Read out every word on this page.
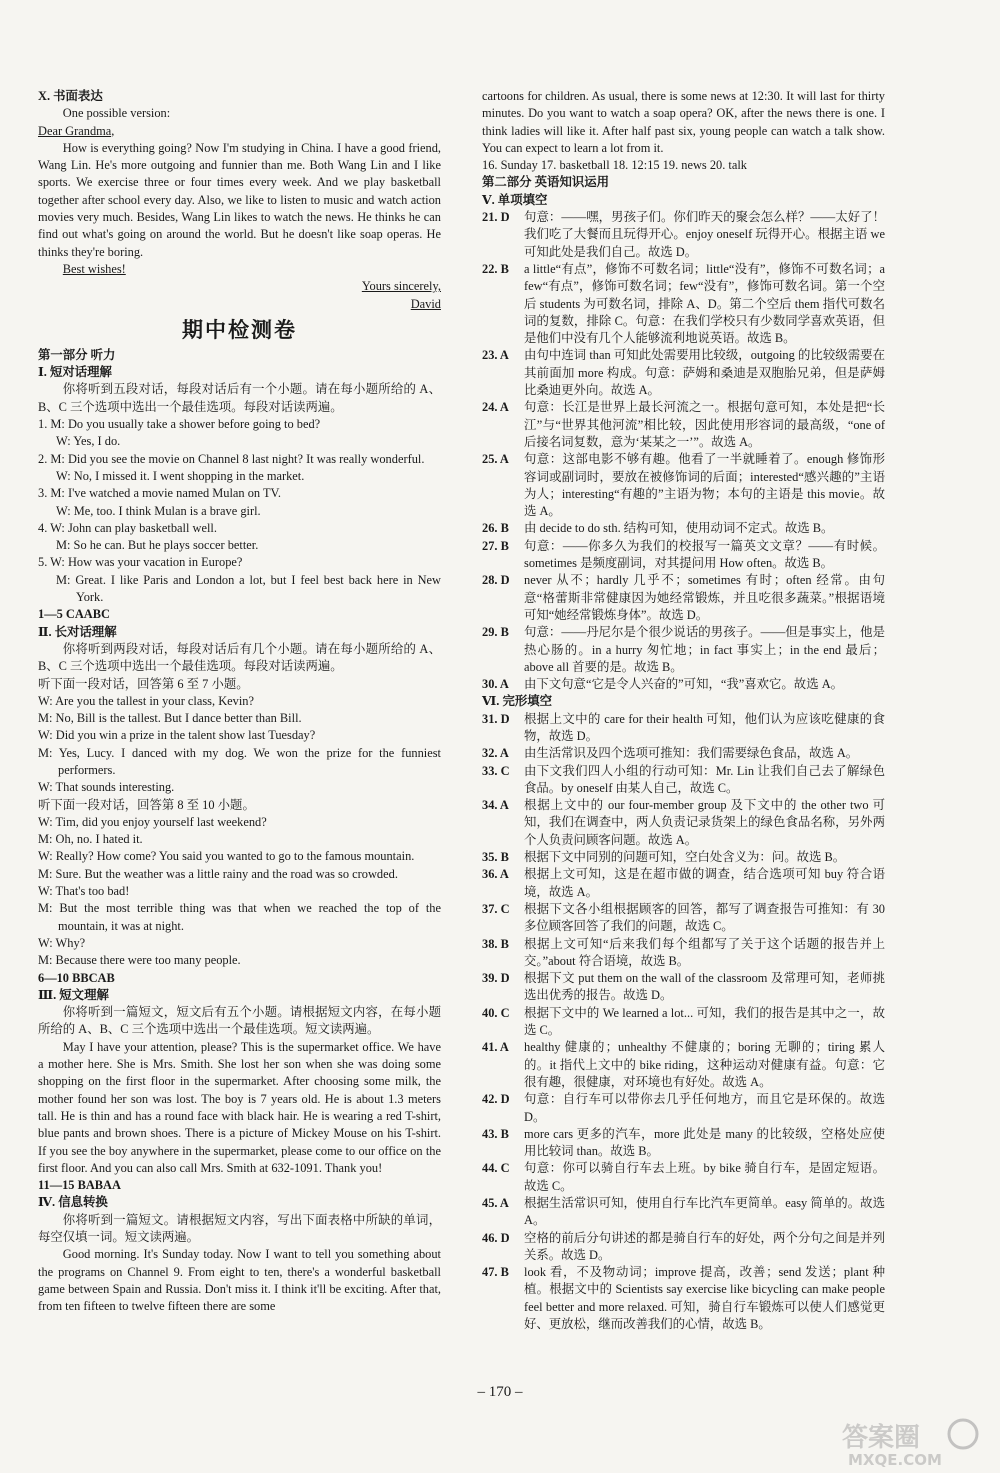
X. 书面表达

One possible version:

Dear Grandma,

How is everything going? Now I'm studying in China. I have a good friend, Wang Lin. He's more outgoing and funnier than me. Both Wang Lin and I like sports. We exercise three or four times every week. And we play basketball together after school every day. Also, we like to listen to music and watch action movies very much. Besides, Wang Lin likes to watch the news. He thinks he can find out what's going on around the world. But he doesn't like soap operas. He thinks they're boring.

Best wishes!

Yours sincerely,

David

期中检测卷

第一部分 听力

Ⅰ. 短对话理解

你将听到五段对话，每段对话后有一个小题。请在每小题所给的 A、B、C 三个选项中选出一个最佳选项。每段对话读两遍。

1. M: Do you usually take a shower before going to bed?

W: Yes, I do.

2. M: Did you see the movie on Channel 8 last night? It was really wonderful.

W: No, I missed it. I went shopping in the market.

3. M: I've watched a movie named Mulan on TV.

W: Me, too. I think Mulan is a brave girl.

4. W: John can play basketball well.

M: So he can. But he plays soccer better.

5. W: How was your vacation in Europe?

M: Great. I like Paris and London a lot, but I feel best back here in New York.

1—5 CAABC

Ⅱ. 长对话理解

你将听到两段对话，每段对话后有几个小题。请在每小题所给的 A、B、C 三个选项中选出一个最佳选项。每段对话读两遍。

听下面一段对话，回答第 6 至 7 小题。

W: Are you the tallest in your class, Kevin?

M: No, Bill is the tallest. But I dance better than Bill.

W: Did you win a prize in the talent show last Tuesday?

M: Yes, Lucy. I danced with my dog. We won the prize for the funniest performers.

W: That sounds interesting.

听下面一段对话，回答第 8 至 10 小题。

W: Tim, did you enjoy yourself last weekend?

M: Oh, no. I hated it.

W: Really? How come? You said you wanted to go to the famous mountain.

M: Sure. But the weather was a little rainy and the road was so crowded.

W: That's too bad!

M: But the most terrible thing was that when we reached the top of the mountain, it was at night.

W: Why?

M: Because there were too many people.

6—10 BBCAB

Ⅲ. 短文理解

你将听到一篇短文，短文后有五个小题。请根据短文内容，在每小题所给的 A、B、C 三个选项中选出一个最佳选项。短文读两遍。

May I have your attention, please? This is the supermarket office. We have a mother here. She is Mrs. Smith. She lost her son when she was doing some shopping on the first floor in the supermarket. After choosing some milk, the mother found her son was lost. The boy is 7 years old. He is about 1.3 meters tall. He is thin and has a round face with black hair. He is wearing a red T-shirt, blue pants and brown shoes. There is a picture of Mickey Mouse on his T-shirt. If you see the boy anywhere in the supermarket, please come to our office on the first floor. And you can also call Mrs. Smith at 632-1091. Thank you!

11—15 BABAA

Ⅳ. 信息转换

你将听到一篇短文。请根据短文内容，写出下面表格中所缺的单词，每空仅填一词。短文读两遍。

Good morning. It's Sunday today. Now I want to tell you something about the programs on Channel 9. From eight to ten, there's a wonderful basketball game between Spain and Russia. Don't miss it. I think it'll be exciting. After that, from ten fifteen to twelve fifteen there are some

cartoons for children. As usual, there is some news at 12:30. It will last for thirty minutes. Do you want to watch a soap opera? OK, after the news there is one. I think ladies will like it. After half past six, young people can watch a talk show. You can expect to learn a lot from it.

16. Sunday 17. basketball 18. 12:15 19. news 20. talk

第二部分 英语知识运用

Ⅴ. 单项填空

21. D	句意：——嘿，男孩子们。你们昨天的聚会怎么样？——太好了！我们吃了大餐而且玩得开心。enjoy oneself 玩得开心。根据主语 we 可知此处是我们自己。故选 D。
22. B	a little“有点”，修饰不可数名词；little“没有”，修饰不可数名词；a few“有点”，修饰可数名词；few“没有”，修饰可数名词。第一个空后 students 为可数名词，排除 A、D。第二个空后 them 指代可数名词的复数，排除 C。句意：在我们学校只有少数同学喜欢英语，但是他们中没有几个人能够流利地说英语。故选 B。
23. A	由句中连词 than 可知此处需要用比较级，outgoing 的比较级需要在其前面加 more 构成。句意：萨姆和桑迪是双胞胎兄弟，但是萨姆比桑迪更外向。故选 A。
24. A	句意：长江是世界上最长河流之一。根据句意可知，本处是把“长江”与“世界其他河流”相比较，因此使用形容词的最高级，“one of 后接名词复数，意为‘某某之一’”。故选 A。
25. A	句意：这部电影不够有趣。他看了一半就睡着了。enough 修饰形容词或副词时，要放在被修饰词的后面；interested“感兴趣的”主语为人；interesting“有趣的”主语为物；本句的主语是 this movie。故选 A。
26. B	由 decide to do sth. 结构可知，使用动词不定式。故选 B。
27. B	句意：——你多久为我们的校报写一篇英文文章？——有时候。sometimes 是频度副词，对其提问用 How often。故选 B。
28. D	never 从不；hardly 几乎不；sometimes 有时；often 经常。由句意“格蕾斯非常健康因为她经常锻炼，并且吃很多蔬菜。”根据语境可知“她经常锻炼身体”。故选 D。
29. B	句意：——丹尼尔是个很少说话的男孩子。——但是事实上，他是热心肠的。in a hurry 匆忙地；in fact 事实上；in the end 最后；above all 首要的是。故选 B。
30. A	由下文句意“它是令人兴奋的”可知，“我”喜欢它。故选 A。

Ⅵ. 完形填空

31. D	根据上文中的 care for their health 可知，他们认为应该吃健康的食物，故选 D。
32. A	由生活常识及四个选项可推知：我们需要绿色食品，故选 A。
33. C	由下文我们四人小组的行动可知：Mr. Lin 让我们自己去了解绿色食品。by oneself 由某人自己，故选 C。
34. A	根据上文中的 our four-member group 及下文中的 the other two 可知，我们在调查中，两人负责记录货架上的绿色食品名称，另外两个人负责问顾客问题。故选 A。
35. B	根据下文中同别的问题可知，空白处含义为：问。故选 B。
36. A	根据上文可知，这是在超市做的调查，结合选项可知 buy 符合语境，故选 A。
37. C	根据下文各小组根据顾客的回答，都写了调查报告可推知：有 30 多位顾客回答了我们的问题，故选 C。
38. B	根据上文可知“后来我们每个组都写了关于这个话题的报告并上交。”about 符合语境，故选 B。
39. D	根据下文 put them on the wall of the classroom 及常理可知，老师挑选出优秀的报告。故选 D。
40. C	根据下文中的 We learned a lot... 可知，我们的报告是其中之一，故选 C。
41. A	healthy 健康的；unhealthy 不健康的；boring 无聊的；tiring 累人的。it 指代上文中的 bike riding，这种运动对健康有益。句意：它很有趣，很健康，对环境也有好处。故选 A。
42. D	句意：自行车可以带你去几乎任何地方，而且它是环保的。故选 D。
43. B	more cars 更多的汽车，more 此处是 many 的比较级，空格处应使用比较词 than。故选 B。
44. C	句意：你可以骑自行车去上班。by bike 骑自行车，是固定短语。故选 C。
45. A	根据生活常识可知，使用自行车比汽车更简单。easy 简单的。故选 A。
46. D	空格的前后分句讲述的都是骑自行车的好处，两个分句之间是并列关系。故选 D。
47. B	look 看，不及物动词；improve 提高，改善；send 发送；plant 种植。根据文中的 Scientists say exercise like bicycling can make people feel better and more relaxed. 可知，骑自行车锻炼可以使人们感觉更好、更放松，继而改善我们的心情，故选 B。
– 170 –
答案圈
MXQE.COM
